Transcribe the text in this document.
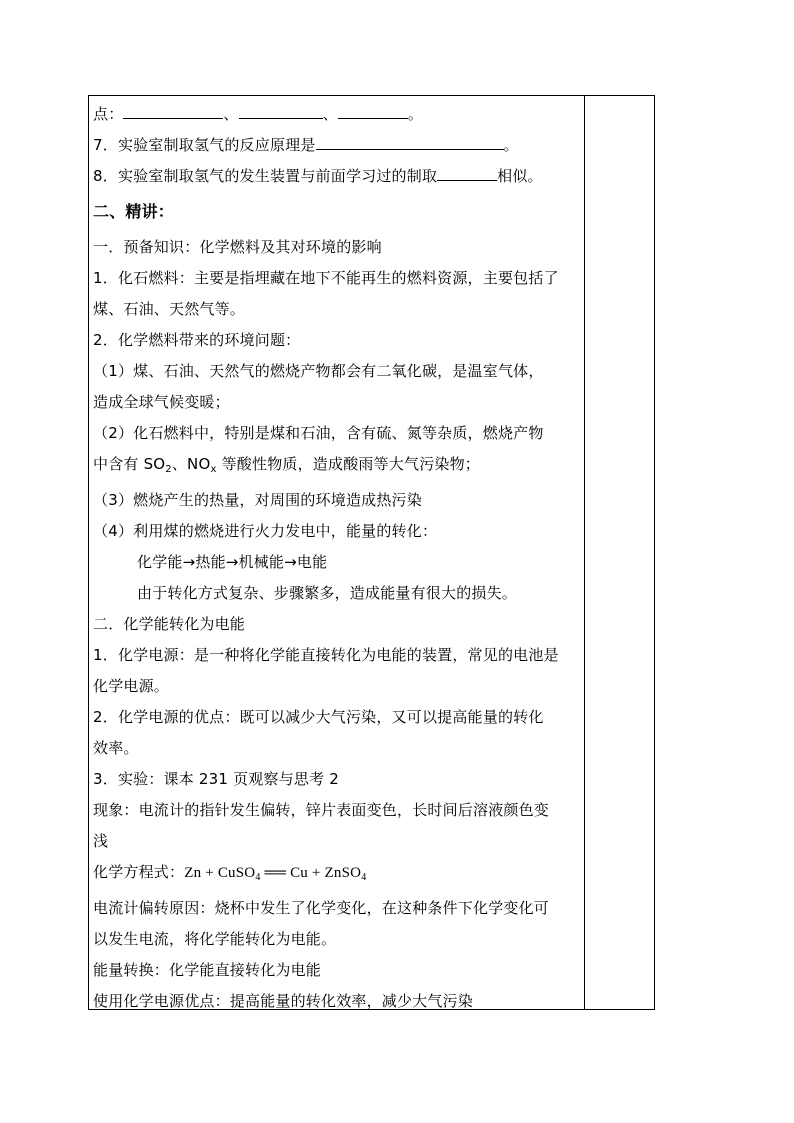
点：	、	、	。
7．实验室制取氢气的反应原理是	。
8．实验室制取氢气的发生装置与前面学习过的制取	相似。
二、精讲：
一．预备知识：化学燃料及其对环境的影响
1．化石燃料：主要是指埋藏在地下不能再生的燃料资源，主要包括了
煤、石油、天然气等。
2．化学燃料带来的环境问题：
（1）煤、石油、天然气的燃烧产物都会有二氧化碳，是温室气体，
造成全球气候变暖；
（2）化石燃料中，特别是煤和石油，含有硫、氮等杂质，燃烧产物
中含有 $SO_2$、$NO_x$ 等酸性物质，造成酸雨等大气污染物；
（3）燃烧产生的热量，对周围的环境造成热污染
（4）利用煤的燃烧进行火力发电中，能量的转化：
化学能→热能→机械能→电能
由于转化方式复杂、步骤繁多，造成能量有很大的损失。
二．化学能转化为电能
1．化学电源：是一种将化学能直接转化为电能的装置，常见的电池是
化学电源。
2．化学电源的优点：既可以减少大气污染，又可以提高能量的转化
效率。
3．实验：课本 231 页观察与思考 2
现象：电流计的指针发生偏转，锌片表面变色，长时间后溶液颜色变
浅
化学方程式：Zn + CuSO$_4$ ══ Cu + ZnSO$_4$
电流计偏转原因：烧杯中发生了化学变化，在这种条件下化学变化可
以发生电流，将化学能转化为电能。
能量转换：化学能直接转化为电能
使用化学电源优点：提高能量的转化效率，减少大气污染
